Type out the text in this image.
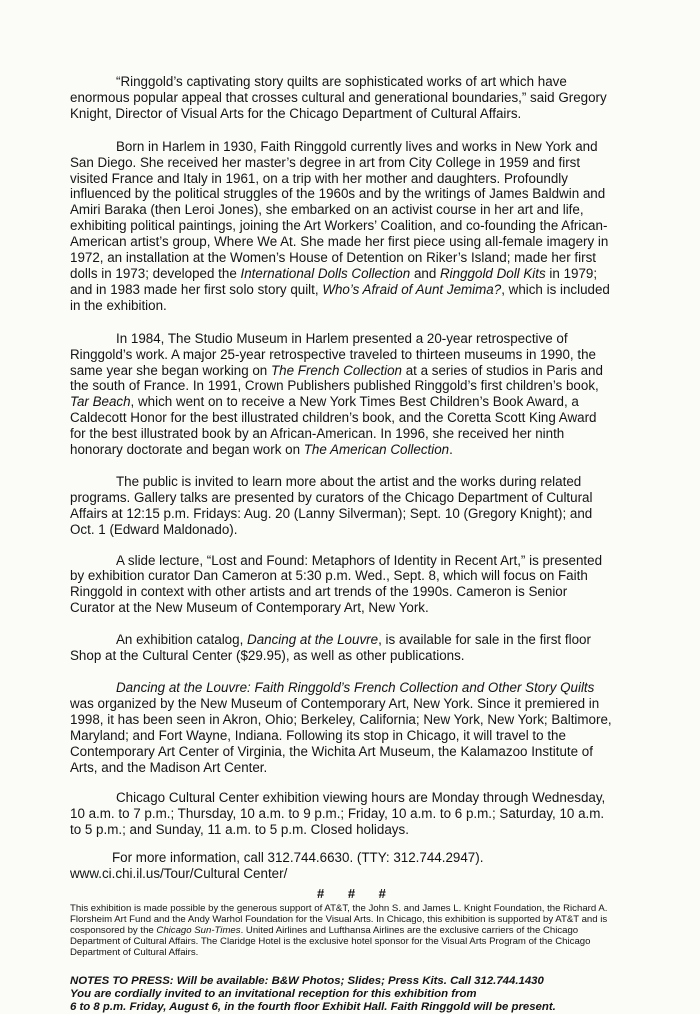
“Ringgold’s captivating story quilts are sophisticated works of art which have enormous popular appeal that crosses cultural and generational boundaries,” said Gregory Knight, Director of Visual Arts for the Chicago Department of Cultural Affairs.

Born in Harlem in 1930, Faith Ringgold currently lives and works in New York and San Diego. She received her master’s degree in art from City College in 1959 and first visited France and Italy in 1961, on a trip with her mother and daughters. Profoundly influenced by the political struggles of the 1960s and by the writings of James Baldwin and Amiri Baraka (then Leroi Jones), she embarked on an activist course in her art and life, exhibiting political paintings, joining the Art Workers’ Coalition, and co-founding the African-American artist’s group, Where We At. She made her first piece using all-female imagery in 1972, an installation at the Women’s House of Detention on Riker’s Island; made her first dolls in 1973; developed the International Dolls Collection and Ringgold Doll Kits in 1979; and in 1983 made her first solo story quilt, Who’s Afraid of Aunt Jemima?, which is included in the exhibition.

In 1984, The Studio Museum in Harlem presented a 20-year retrospective of Ringgold’s work. A major 25-year retrospective traveled to thirteen museums in 1990, the same year she began working on The French Collection at a series of studios in Paris and the south of France. In 1991, Crown Publishers published Ringgold’s first children’s book, Tar Beach, which went on to receive a New York Times Best Children’s Book Award, a Caldecott Honor for the best illustrated children’s book, and the Coretta Scott King Award for the best illustrated book by an African-American. In 1996, she received her ninth honorary doctorate and began work on The American Collection.

The public is invited to learn more about the artist and the works during related programs. Gallery talks are presented by curators of the Chicago Department of Cultural Affairs at 12:15 p.m. Fridays: Aug. 20 (Lanny Silverman); Sept. 10 (Gregory Knight); and Oct. 1 (Edward Maldonado).

A slide lecture, “Lost and Found: Metaphors of Identity in Recent Art,” is presented by exhibition curator Dan Cameron at 5:30 p.m. Wed., Sept. 8, which will focus on Faith Ringgold in context with other artists and art trends of the 1990s. Cameron is Senior Curator at the New Museum of Contemporary Art, New York.

An exhibition catalog, Dancing at the Louvre, is available for sale in the first floor Shop at the Cultural Center ($29.95), as well as other publications.

Dancing at the Louvre: Faith Ringgold’s French Collection and Other Story Quilts was organized by the New Museum of Contemporary Art, New York. Since it premiered in 1998, it has been seen in Akron, Ohio; Berkeley, California; New York, New York; Baltimore, Maryland; and Fort Wayne, Indiana. Following its stop in Chicago, it will travel to the Contemporary Art Center of Virginia, the Wichita Art Museum, the Kalamazoo Institute of Arts, and the Madison Art Center.

Chicago Cultural Center exhibition viewing hours are Monday through Wednesday, 10 a.m. to 7 p.m.; Thursday, 10 a.m. to 9 p.m.; Friday, 10 a.m. to 6 p.m.; Saturday, 10 a.m. to 5 p.m.; and Sunday, 11 a.m. to 5 p.m. Closed holidays.

For more information, call 312.744.6630. (TTY: 312.744.2947).
www.ci.chi.il.us/Tour/Cultural Center/
# # #
This exhibition is made possible by the generous support of AT&T, the John S. and James L. Knight Foundation, the Richard A. Florsheim Art Fund and the Andy Warhol Foundation for the Visual Arts. In Chicago, this exhibition is supported by AT&T and is cosponsored by the Chicago Sun-Times. United Airlines and Lufthansa Airlines are the exclusive carriers of the Chicago Department of Cultural Affairs. The Claridge Hotel is the exclusive hotel sponsor for the Visual Arts Program of the Chicago Department of Cultural Affairs.
NOTES TO PRESS: Will be available: B&W Photos; Slides; Press Kits. Call 312.744.1430
You are cordially invited to an invitational reception for this exhibition from
6 to 8 p.m. Friday, August 6, in the fourth floor Exhibit Hall. Faith Ringgold will be present.
